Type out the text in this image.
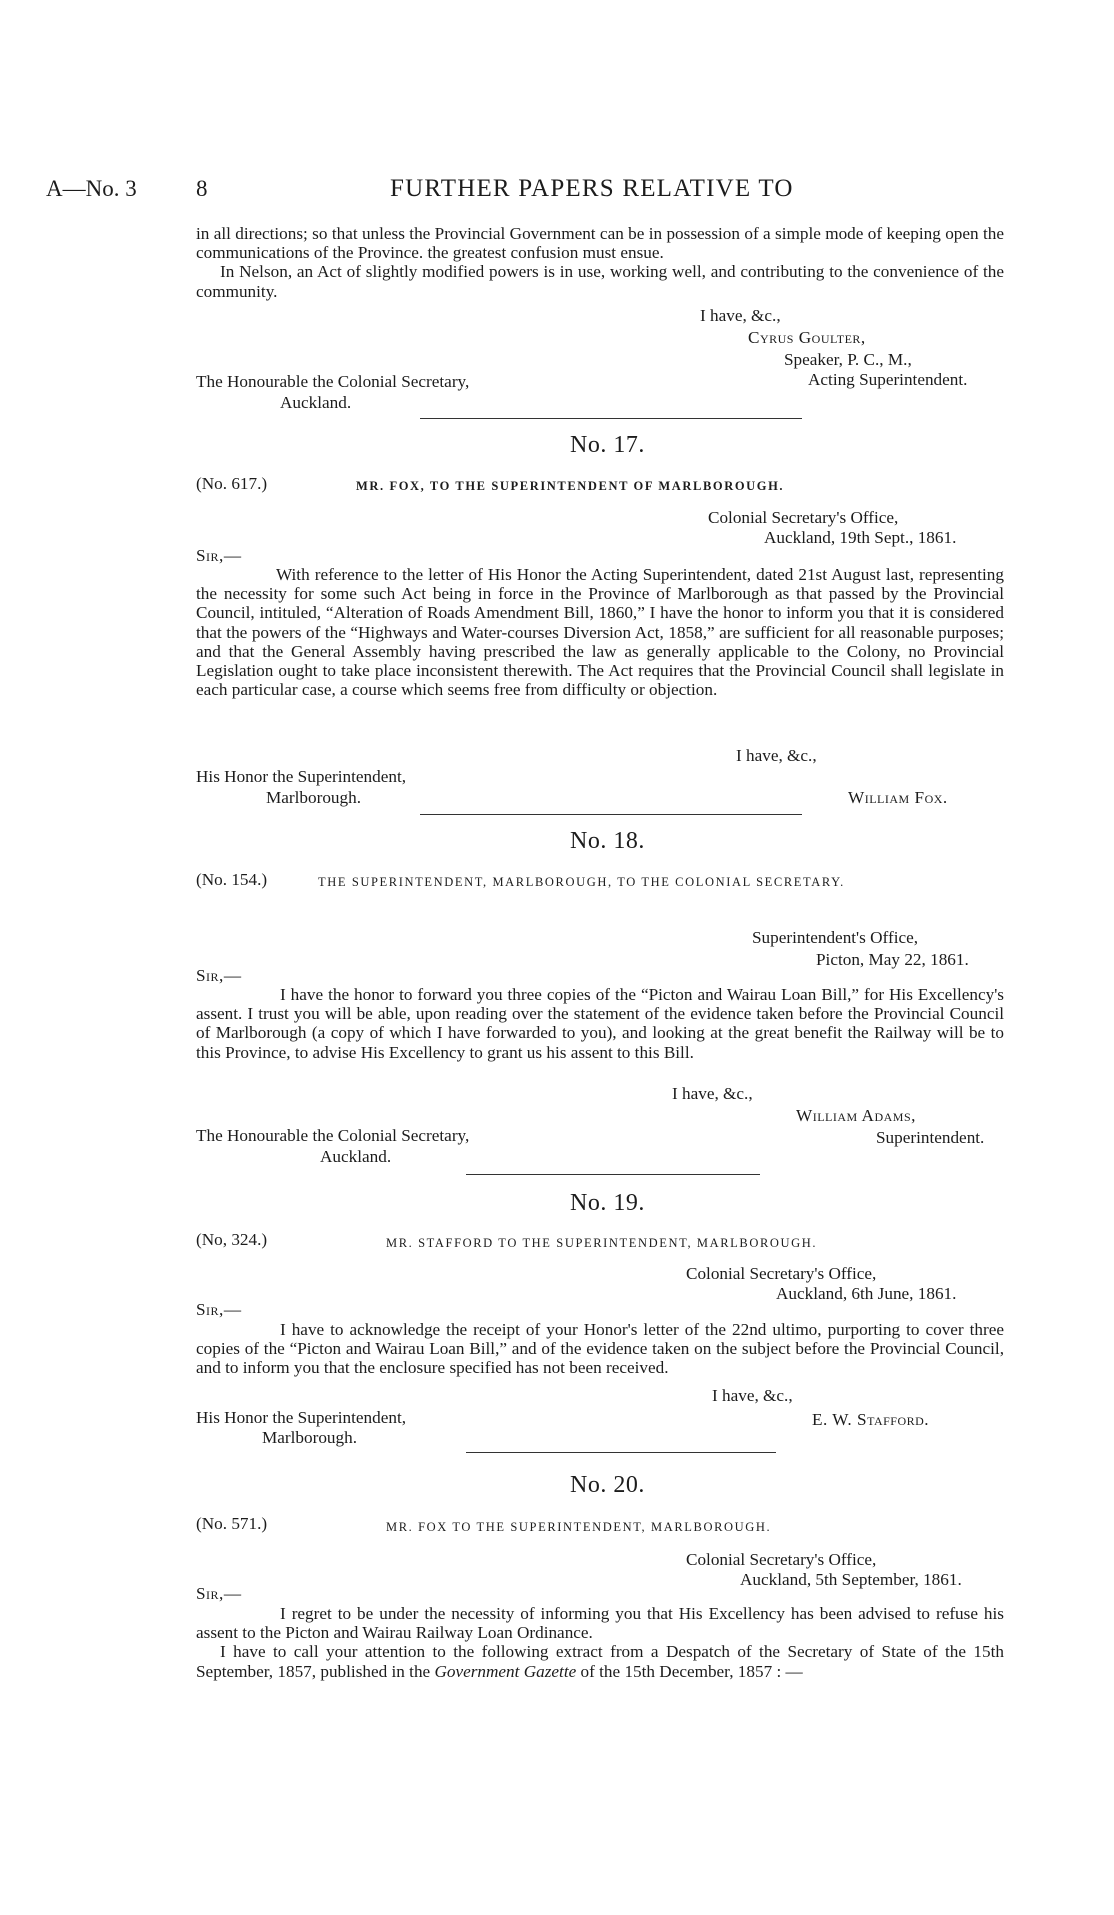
A—No. 3	8	FURTHER PAPERS RELATIVE TO

in all directions; so that unless the Provincial Government can be in possession of a simple mode of keeping open the communications of the Province. the greatest confusion must ensue.

In Nelson, an Act of slightly modified powers is in use, working well, and contributing to the convenience of the community.

I have, &c.,
Cyrus Goulter,
Speaker, P. C., M.,
Acting Superintendent.
The Honourable the Colonial Secretary,
Auckland.
No. 17.
(No. 617.)	MR. FOX, TO THE SUPERINTENDENT OF MARLBOROUGH.
Colonial Secretary's Office,
Auckland, 19th Sept., 1861.
Sir,—

With reference to the letter of His Honor the Acting Superintendent, dated 21st August last, representing the necessity for some such Act being in force in the Province of Marlborough as that passed by the Provincial Council, intituled, “Alteration of Roads Amendment Bill, 1860,” I have the honor to inform you that it is considered that the powers of the “Highways and Water-courses Diversion Act, 1858,” are sufficient for all reasonable purposes; and that the General Assembly having prescribed the law as generally applicable to the Colony, no Provincial Legislation ought to take place inconsistent therewith. The Act requires that the Provincial Council shall legislate in each particular case, a course which seems free from difficulty or objection.

I have, &c.,
His Honor the Superintendent,
Marlborough.	William Fox.
No. 18.
(No. 154.)	THE SUPERINTENDENT, MARLBOROUGH, TO THE COLONIAL SECRETARY.
Superintendent's Office,
Picton, May 22, 1861.
Sir,—

I have the honor to forward you three copies of the “Picton and Wairau Loan Bill,” for His Excellency's assent. I trust you will be able, upon reading over the statement of the evidence taken before the Provincial Council of Marlborough (a copy of which I have forwarded to you), and looking at the great benefit the Railway will be to this Province, to advise His Excellency to grant us his assent to this Bill.

I have, &c.,
William Adams,
Superintendent.
The Honourable the Colonial Secretary,
Auckland.
No. 19.
(No, 324.)	MR. STAFFORD TO THE SUPERINTENDENT, MARLBOROUGH.
Colonial Secretary's Office,
Auckland, 6th June, 1861.
Sir,—

I have to acknowledge the receipt of your Honor's letter of the 22nd ultimo, purporting to cover three copies of the “Picton and Wairau Loan Bill,” and of the evidence taken on the subject before the Provincial Council, and to inform you that the enclosure specified has not been received.

I have, &c.,
His Honor the Superintendent,	E. W. Stafford.
Marlborough.
No. 20.
(No. 571.)	MR. FOX TO THE SUPERINTENDENT, MARLBOROUGH.
Colonial Secretary's Office,
Auckland, 5th September, 1861.
Sir,—

I regret to be under the necessity of informing you that His Excellency has been advised to refuse his assent to the Picton and Wairau Railway Loan Ordinance.

I have to call your attention to the following extract from a Despatch of the Secretary of State of the 15th September, 1857, published in the Government Gazette of the 15th December, 1857 : —
